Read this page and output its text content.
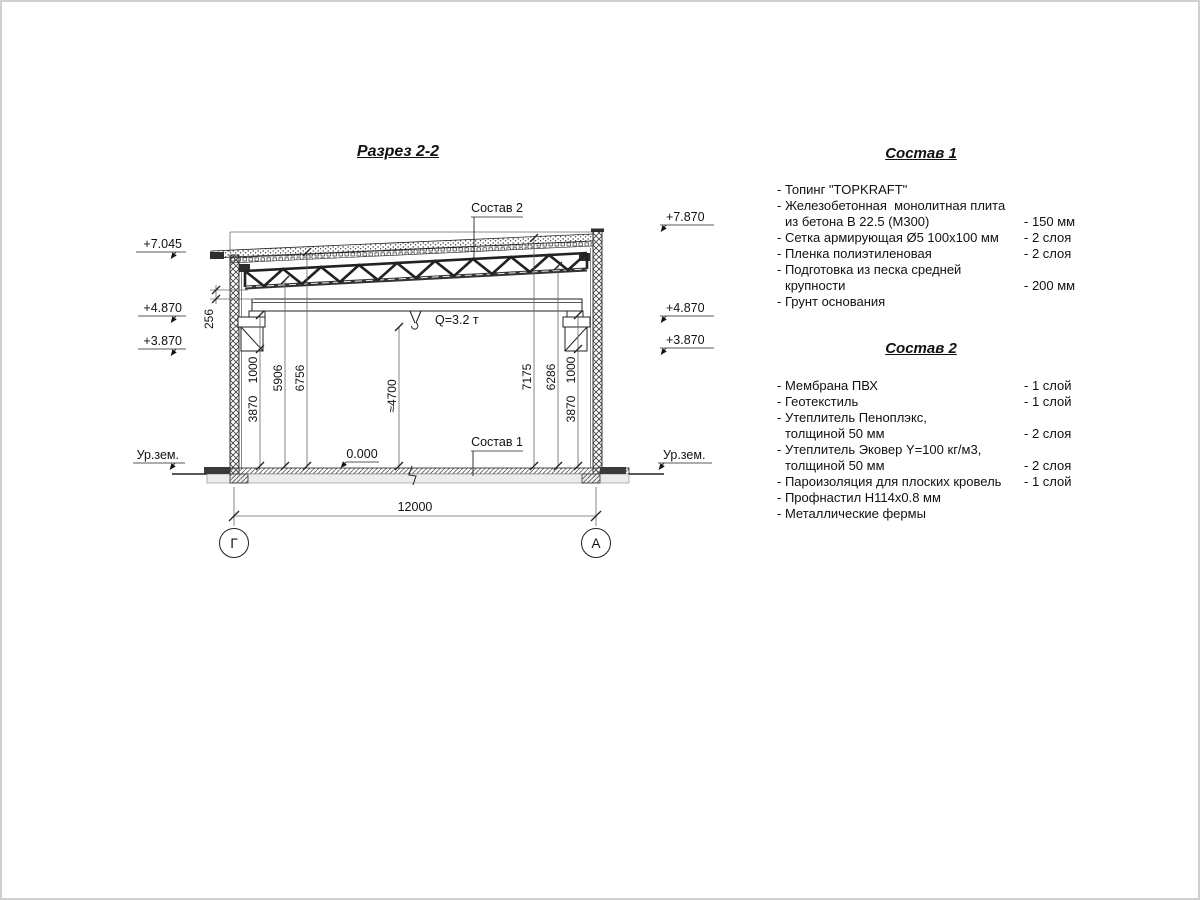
Q=3.2 т
1000
3870
5906 6756
≈4700
7175 6286 1000
3870
256
0.000
Состав 2
Состав 1
+7.045
+4.870
+3.870
Ур.зем.
+7.870
+4.870
+3.870
Ур.зем.
12000
Г	А
Разрез 2-2	Состав 1
Состав 2
- Топинг "TOPKRAFT"
- Железобетонная  монолитная плита
из бетона В 22.5 (М300)	- 150 мм
- Сетка армирующая Ø5 100x100 мм	- 2 слоя
- Пленка полиэтиленовая	- 2 слоя
- Подготовка из песка средней
крупности	- 200 мм
- Грунт основания
- Мембрана ПВХ	- 1 слой
- Геотекстиль	- 1 слой
- Утеплитель Пеноплэкс,
толщиной 50 мм	- 2 слоя
- Утеплитель Эковер Y=100 кг/м3,
толщиной 50 мм	- 2 слоя
- Пароизоляция для плоских кровель	- 1 слой
- Профнастил Н114x0.8 мм
- Металлические фермы
